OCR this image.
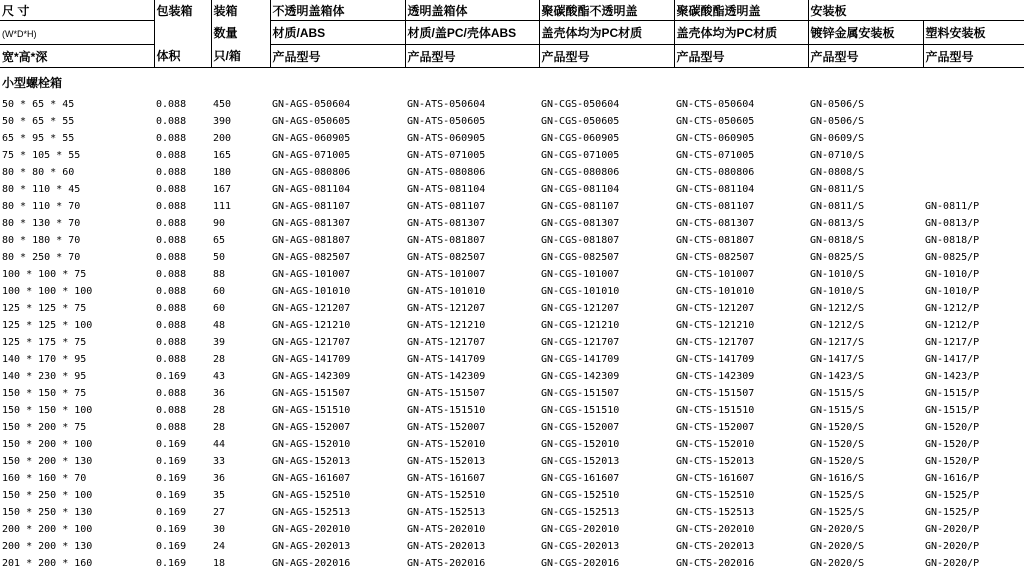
尺 寸	包装箱	装箱	不透明盖箱体	透明盖箱体	聚碳酸酯不透明盖	聚碳酸酯透明盖	安装板	
(W*D*H)		数量	材质/ABS	材质/盖PC/壳体ABS	盖壳体均为PC材质	盖壳体均为PC材质	镀锌金属安装板	塑料安装板
宽*高*深	体积	只/箱	产品型号	产品型号	产品型号	产品型号	产品型号	产品型号
小型螺栓箱								
50 * 65 * 45	0.088	450	GN-AGS-050604	GN-ATS-050604	GN-CGS-050604	GN-CTS-050604	GN-0506/S	
50 * 65 * 55	0.088	390	GN-AGS-050605	GN-ATS-050605	GN-CGS-050605	GN-CTS-050605	GN-0506/S	
65 * 95 * 55	0.088	200	GN-AGS-060905	GN-ATS-060905	GN-CGS-060905	GN-CTS-060905	GN-0609/S	
75 * 105 * 55	0.088	165	GN-AGS-071005	GN-ATS-071005	GN-CGS-071005	GN-CTS-071005	GN-0710/S	
80 * 80 * 60	0.088	180	GN-AGS-080806	GN-ATS-080806	GN-CGS-080806	GN-CTS-080806	GN-0808/S	
80 * 110 * 45	0.088	167	GN-AGS-081104	GN-ATS-081104	GN-CGS-081104	GN-CTS-081104	GN-0811/S	
80 * 110 * 70	0.088	111	GN-AGS-081107	GN-ATS-081107	GN-CGS-081107	GN-CTS-081107	GN-0811/S	GN-0811/P
80 * 130 * 70	0.088	90	GN-AGS-081307	GN-ATS-081307	GN-CGS-081307	GN-CTS-081307	GN-0813/S	GN-0813/P
80 * 180 * 70	0.088	65	GN-AGS-081807	GN-ATS-081807	GN-CGS-081807	GN-CTS-081807	GN-0818/S	GN-0818/P
80 * 250 * 70	0.088	50	GN-AGS-082507	GN-ATS-082507	GN-CGS-082507	GN-CTS-082507	GN-0825/S	GN-0825/P
100 * 100 * 75	0.088	88	GN-AGS-101007	GN-ATS-101007	GN-CGS-101007	GN-CTS-101007	GN-1010/S	GN-1010/P
100 * 100 * 100	0.088	60	GN-AGS-101010	GN-ATS-101010	GN-CGS-101010	GN-CTS-101010	GN-1010/S	GN-1010/P
125 * 125 * 75	0.088	60	GN-AGS-121207	GN-ATS-121207	GN-CGS-121207	GN-CTS-121207	GN-1212/S	GN-1212/P
125 * 125 * 100	0.088	48	GN-AGS-121210	GN-ATS-121210	GN-CGS-121210	GN-CTS-121210	GN-1212/S	GN-1212/P
125 * 175 * 75	0.088	39	GN-AGS-121707	GN-ATS-121707	GN-CGS-121707	GN-CTS-121707	GN-1217/S	GN-1217/P
140 * 170 * 95	0.088	28	GN-AGS-141709	GN-ATS-141709	GN-CGS-141709	GN-CTS-141709	GN-1417/S	GN-1417/P
140 * 230 * 95	0.169	43	GN-AGS-142309	GN-ATS-142309	GN-CGS-142309	GN-CTS-142309	GN-1423/S	GN-1423/P
150 * 150 * 75	0.088	36	GN-AGS-151507	GN-ATS-151507	GN-CGS-151507	GN-CTS-151507	GN-1515/S	GN-1515/P
150 * 150 * 100	0.088	28	GN-AGS-151510	GN-ATS-151510	GN-CGS-151510	GN-CTS-151510	GN-1515/S	GN-1515/P
150 * 200 * 75	0.088	28	GN-AGS-152007	GN-ATS-152007	GN-CGS-152007	GN-CTS-152007	GN-1520/S	GN-1520/P
150 * 200 * 100	0.169	44	GN-AGS-152010	GN-ATS-152010	GN-CGS-152010	GN-CTS-152010	GN-1520/S	GN-1520/P
150 * 200 * 130	0.169	33	GN-AGS-152013	GN-ATS-152013	GN-CGS-152013	GN-CTS-152013	GN-1520/S	GN-1520/P
160 * 160 * 70	0.169	36	GN-AGS-161607	GN-ATS-161607	GN-CGS-161607	GN-CTS-161607	GN-1616/S	GN-1616/P
150 * 250 * 100	0.169	35	GN-AGS-152510	GN-ATS-152510	GN-CGS-152510	GN-CTS-152510	GN-1525/S	GN-1525/P
150 * 250 * 130	0.169	27	GN-AGS-152513	GN-ATS-152513	GN-CGS-152513	GN-CTS-152513	GN-1525/S	GN-1525/P
200 * 200 * 100	0.169	30	GN-AGS-202010	GN-ATS-202010	GN-CGS-202010	GN-CTS-202010	GN-2020/S	GN-2020/P
200 * 200 * 130	0.169	24	GN-AGS-202013	GN-ATS-202013	GN-CGS-202013	GN-CTS-202013	GN-2020/S	GN-2020/P
201 * 200 * 160	0.169	18	GN-AGS-202016	GN-ATS-202016	GN-CGS-202016	GN-CTS-202016	GN-2020/S	GN-2020/P
